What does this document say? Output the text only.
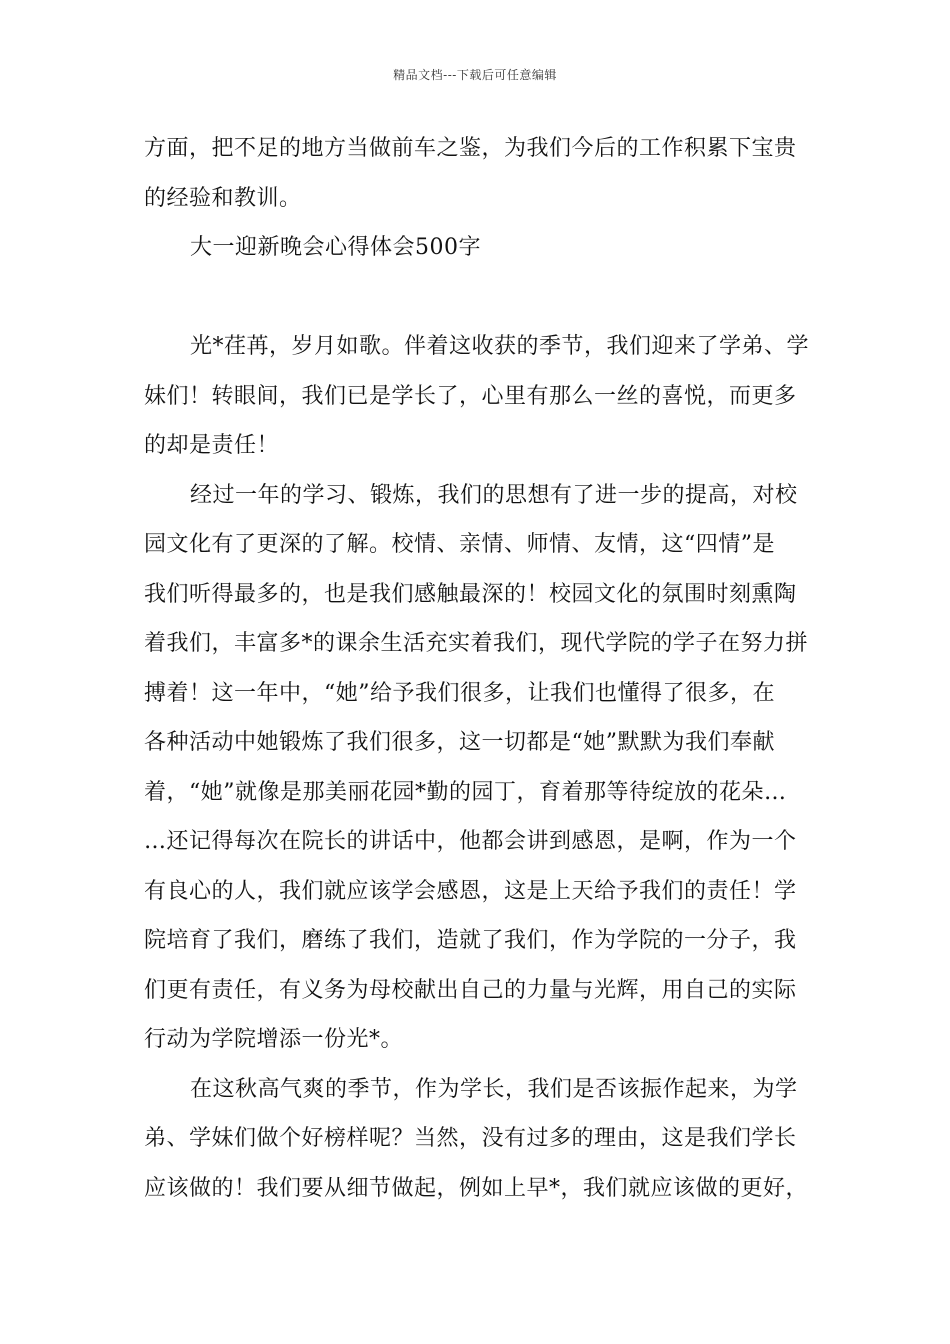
精品文档---下载后可任意编辑
方面，把不足的地方当做前车之鉴，为我们今后的工作积累下宝贵
的经验和教训。
大一迎新晚会心得体会500字
光*荏苒，岁月如歌。伴着这收获的季节，我们迎来了学弟、学
妹们！转眼间，我们已是学长了，心里有那么一丝的喜悦，而更多
的却是责任！
经过一年的学习、锻炼，我们的思想有了进一步的提高，对校
园文化有了更深的了解。校情、亲情、师情、友情，这“四情”是
我们听得最多的，也是我们感触最深的！校园文化的氛围时刻熏陶
着我们，丰富多*的课余生活充实着我们，现代学院的学子在努力拼
搏着！这一年中，“她”给予我们很多，让我们也懂得了很多，在
各种活动中她锻炼了我们很多，这一切都是“她”默默为我们奉献
着，“她”就像是那美丽花园*勤的园丁，育着那等待绽放的花朵…
…还记得每次在院长的讲话中，他都会讲到感恩，是啊，作为一个
有良心的人，我们就应该学会感恩，这是上天给予我们的责任！学
院培育了我们，磨练了我们，造就了我们，作为学院的一分子，我
们更有责任，有义务为母校献出自己的力量与光辉，用自己的实际
行动为学院增添一份光*。
在这秋高气爽的季节，作为学长，我们是否该振作起来，为学
弟、学妹们做个好榜样呢？当然，没有过多的理由，这是我们学长
应该做的！我们要从细节做起，例如上早*，我们就应该做的更好，
